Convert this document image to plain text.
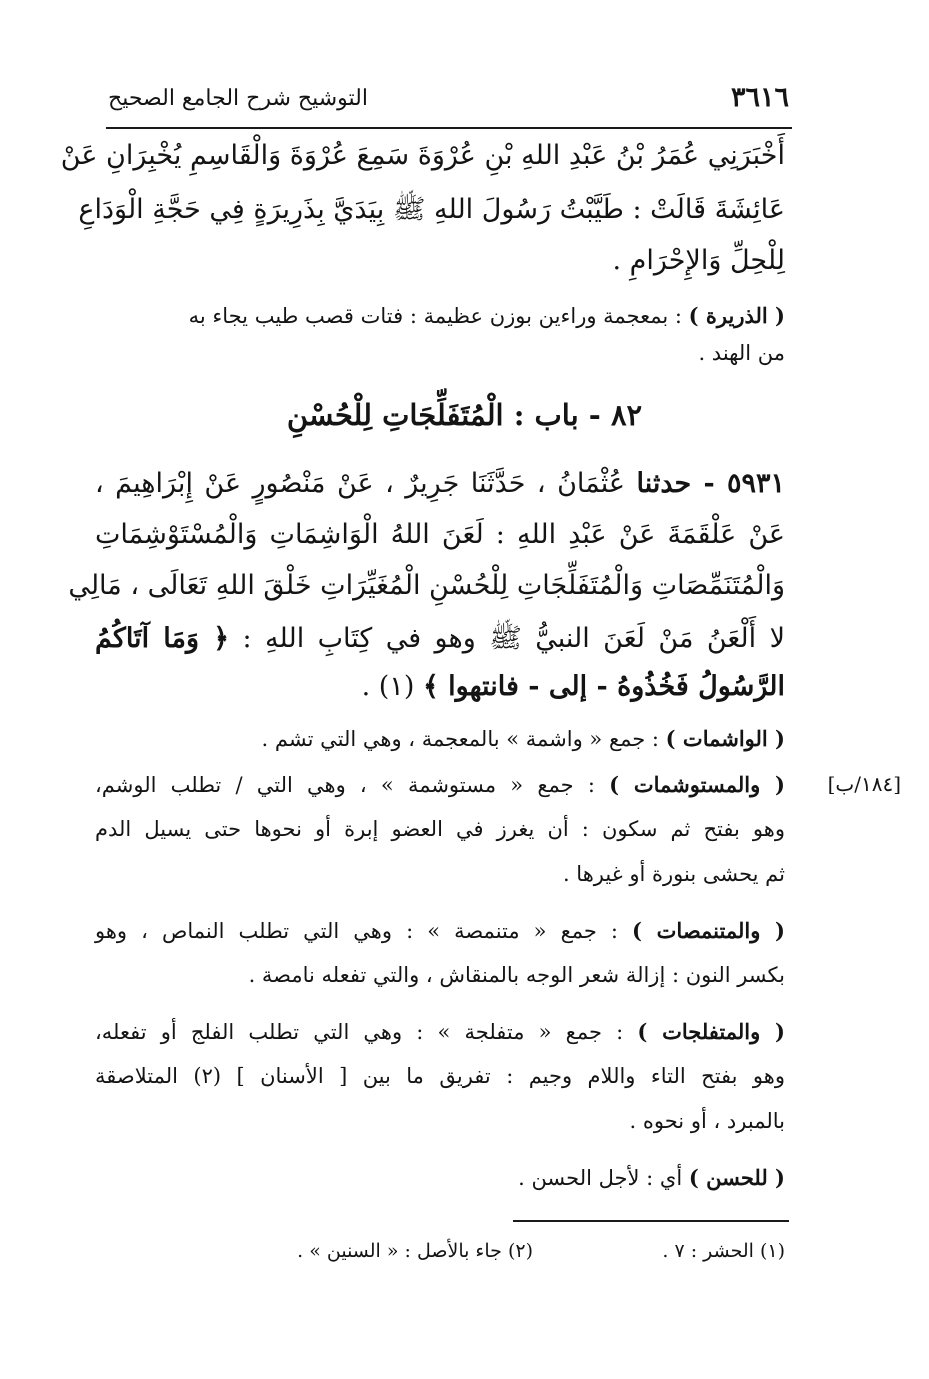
٣٦١٦
التوشيح شرح الجامع الصحيح
أَخْبَرَنِي عُمَرُ بْنُ عَبْدِ اللهِ بْنِ عُرْوَةَ سَمِعَ عُرْوَةَ وَالْقَاسِمِ يُخْبِرَانِ عَنْ
عَائِشَةَ قَالَتْ : طَيَّبْتُ رَسُولَ اللهِ ﷺ بِيَدَيَّ بِذَرِيرَةٍ فِي حَجَّةِ الْوَدَاعِ
لِلْحِلِّ وَالإِحْرَامِ .
( الذريرة ) : بمعجمة وراءين بوزن عظيمة : فتات قصب طيب يجاء به
من الهند .
٨٢ - باب : الْمُتَفَلِّجَاتِ لِلْحُسْنِ
٥٩٣١ - حدثنا عُثْمَانُ ، حَدَّثَنَا جَرِيرٌ ، عَنْ مَنْصُورٍ عَنْ إِبْرَاهِيمَ ،
عَنْ عَلْقَمَةَ عَنْ عَبْدِ اللهِ : لَعَنَ اللهُ الْوَاشِمَاتِ وَالْمُسْتَوْشِمَاتِ
وَالْمُتَنَمِّصَاتِ وَالْمُتَفَلِّجَاتِ لِلْحُسْنِ الْمُغَيِّرَاتِ خَلْقَ اللهِ تَعَالَى ، مَالِي
لا أَلْعَنُ مَنْ لَعَنَ النبيُّ ﷺ وهو في كِتَابِ اللهِ : ﴿ وَمَا آتَاكُمُ
الرَّسُولُ فَخُذُوهُ - إلى - فانتهوا ﴾ (١) .
( الواشمات ) : جمع « واشمة » بالمعجمة ، وهي التي تشم .
[١٨٤/ب]
( والمستوشمات ) : جمع « مستوشمة » ، وهي التي / تطلب الوشم،
وهو بفتح ثم سكون : أن يغرز في العضو إبرة أو نحوها حتى يسيل الدم
ثم يحشى بنورة أو غيرها .
( والمتنمصات ) : جمع « متنمصة » : وهي التي تطلب النماص ، وهو
بكسر النون : إزالة شعر الوجه بالمنقاش ، والتي تفعله نامصة .
( والمتفلجات ) : جمع « متفلجة » : وهي التي تطلب الفلج أو تفعله،
وهو بفتح التاء واللام وجيم : تفريق ما بين [ الأسنان ] (٢) المتلاصقة
بالمبرد ، أو نحوه .
( للحسن ) أي : لأجل الحسن .
(١) الحشر : ٧ .
(٢) جاء بالأصل : « السنين » .
